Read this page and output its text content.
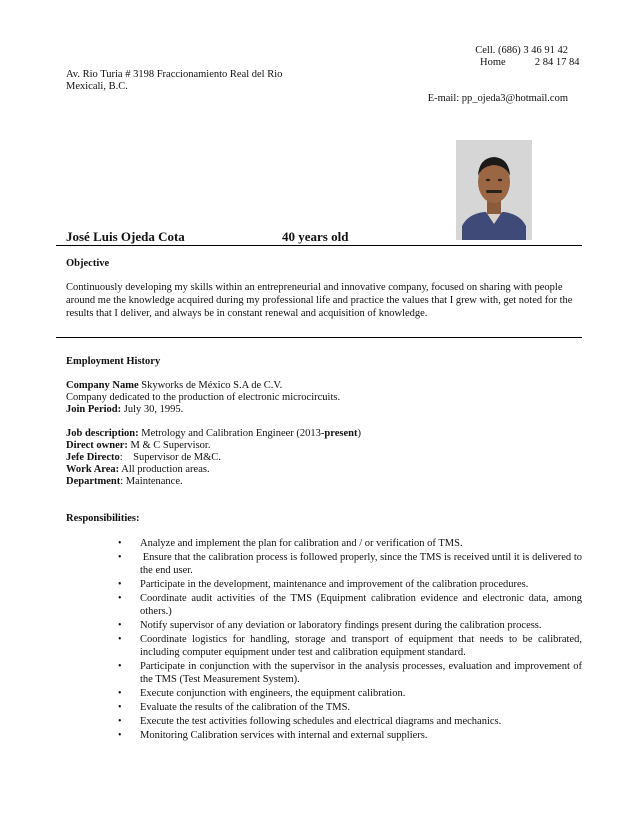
Cell. (686) 3 46 91 42
Home	2 84 17 84
Av. Rio Turia # 3198 Fraccionamiento Real del Rio
Mexicali, B.C.
E-mail: pp_ojeda3@hotmail.com
José Luis Ojeda Cota	40 years old
Objective
Continuously developing my skills within an entrepreneurial and innovative company, focused on sharing with people around me the knowledge acquired during my professional life and practice the values that I grew with, get noted for the results that I deliver, and always be in constant renewal and acquisition of knowledge.
Employment History
Company Name Skyworks de México S.A de C.V.
Company dedicated to the production of electronic microcircuits.
Join Period: July 30, 1995.
Job description: Metrology and Calibration Engineer (2013-present)
Direct owner: M & C Supervisor.
Jefe Directo:    Supervisor de M&C.
Work Area: All production areas.
Department: Maintenance.
Responsibilities:
• Analyze and implement the plan for calibration and / or verification of TMS.
• Ensure that the calibration process is followed properly, since the TMS is received until it is delivered to the end user.
• Participate in the development, maintenance and improvement of the calibration procedures.
• Coordinate audit activities of the TMS (Equipment calibration evidence and electronic data, among others.)
• Notify supervisor of any deviation or laboratory findings present during the calibration process.
• Coordinate logistics for handling, storage and transport of equipment that needs to be calibrated, including computer equipment under test and calibration equipment standard.
• Participate in conjunction with the supervisor in the analysis processes, evaluation and improvement of the TMS (Test Measurement System).
• Execute conjunction with engineers, the equipment calibration.
• Evaluate the results of the calibration of the TMS.
• Execute the test activities following schedules and electrical diagrams and mechanics.
• Monitoring Calibration services with internal and external suppliers.
